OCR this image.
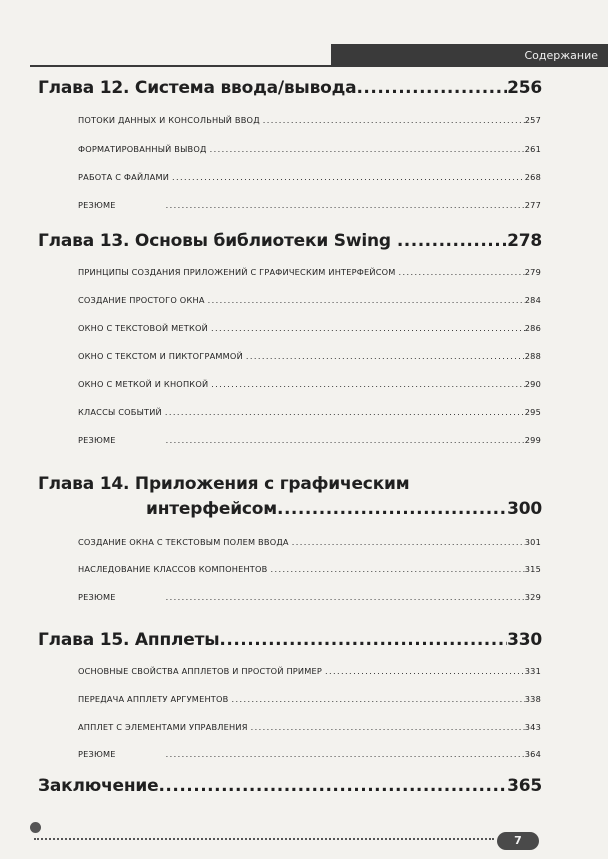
Содержание
Глава 12. Система ввода/вывода .....	256
ПОТОКИ ДАННЫХ И КОНСОЛЬНЫЙ ВВОД .....	257
ФОРМАТИРОВАННЫЙ ВЫВОД .....	261
РАБОТА С ФАЙЛАМИ .....	268
РЕЗЮМЕ .....	277
Глава 13. Основы библиотеки Swing .....	278
ПРИНЦИПЫ СОЗДАНИЯ ПРИЛОЖЕНИЙ С ГРАФИЧЕСКИМ ИНТЕРФЕЙСОМ .....	279
СОЗДАНИЕ ПРОСТОГО ОКНА .....	284
ОКНО С ТЕКСТОВОЙ МЕТКОЙ .....	286
ОКНО С ТЕКСТОМ И ПИКТОГРАММОЙ .....	288
ОКНО С МЕТКОЙ И КНОПКОЙ .....	290
КЛАССЫ СОБЫТИЙ .....	295
РЕЗЮМЕ .....	299
Глава 14. Приложения с графическим
интерфейсом .....	300
СОЗДАНИЕ ОКНА С ТЕКСТОВЫМ ПОЛЕМ ВВОДА .....	301
НАСЛЕДОВАНИЕ КЛАССОВ КОМПОНЕНТОВ .....	315
РЕЗЮМЕ .....	329
Глава 15. Апплеты .....	330
ОСНОВНЫЕ СВОЙСТВА АППЛЕТОВ И ПРОСТОЙ ПРИМЕР .....	331
ПЕРЕДАЧА АППЛЕТУ АРГУМЕНТОВ .....	338
АППЛЕТ С ЭЛЕМЕНТАМИ УПРАВЛЕНИЯ .....	343
РЕЗЮМЕ .....	364
Заключение .....	365
7
